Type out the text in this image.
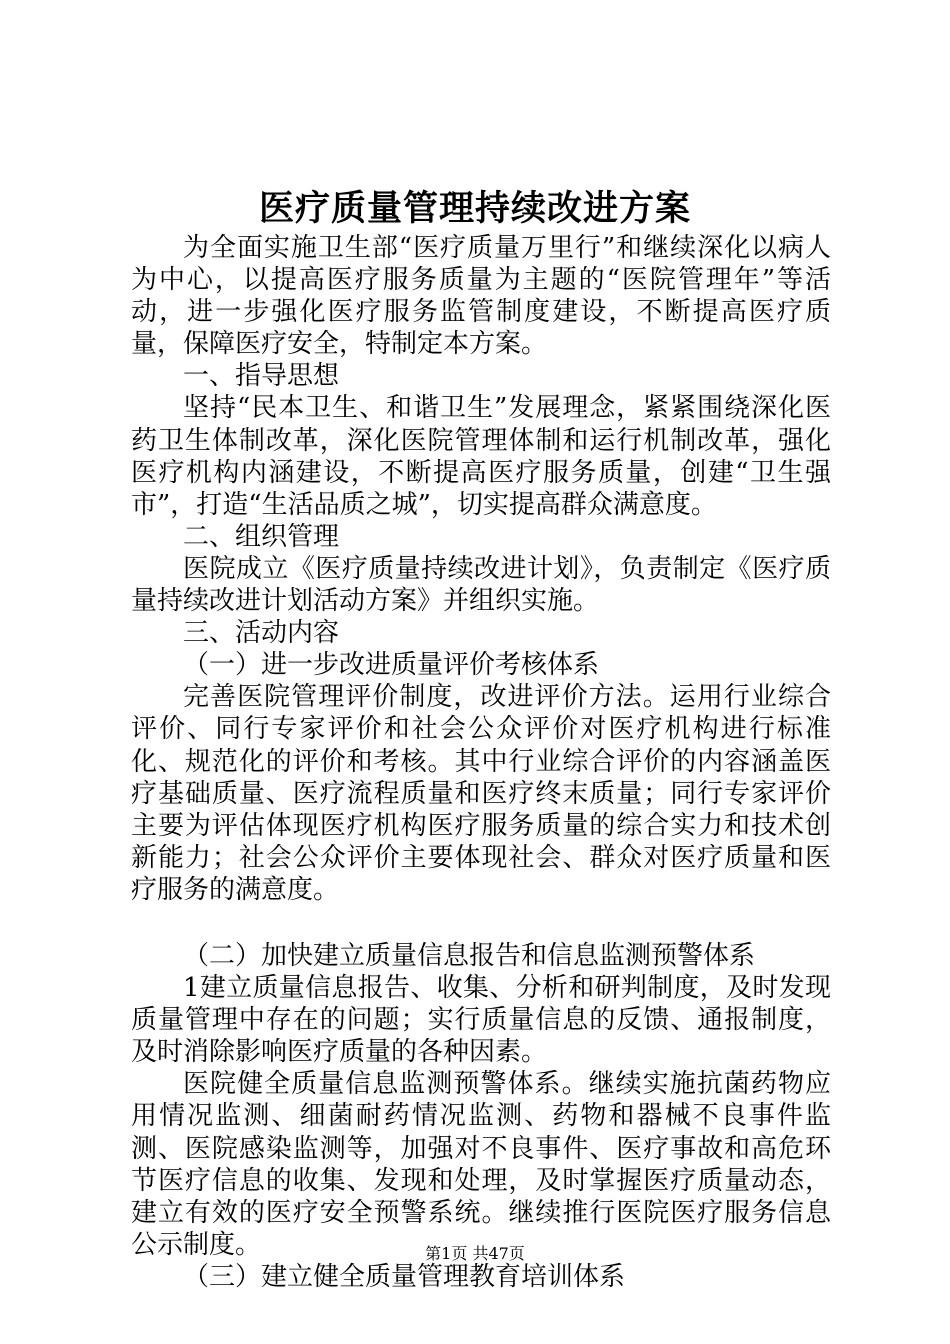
医疗质量管理持续改进方案

为全面实施卫生部“医疗质量万里行”和继续深化以病人为中心，以提高医疗服务质量为主题的“医院管理年”等活动，进一步强化医疗服务监管制度建设，不断提高医疗质量，保障医疗安全，特制定本方案。

一、指导思想

坚持“民本卫生、和谐卫生”发展理念，紧紧围绕深化医药卫生体制改革，深化医院管理体制和运行机制改革，强化医疗机构内涵建设，不断提高医疗服务质量，创建“卫生强市”，打造“生活品质之城”，切实提高群众满意度。

二、组织管理

医院成立《医疗质量持续改进计划》，负责制定《医疗质量持续改进计划活动方案》并组织实施。

三、活动内容

（一）进一步改进质量评价考核体系

完善医院管理评价制度，改进评价方法。运用行业综合评价、同行专家评价和社会公众评价对医疗机构进行标准化、规范化的评价和考核。其中行业综合评价的内容涵盖医疗基础质量、医疗流程质量和医疗终末质量；同行专家评价主要为评估体现医疗机构医疗服务质量的综合实力和技术创新能力；社会公众评价主要体现社会、群众对医疗质量和医疗服务的满意度。

（二）加快建立质量信息报告和信息监测预警体系

1建立质量信息报告、收集、分析和研判制度，及时发现质量管理中存在的问题；实行质量信息的反馈、通报制度，及时消除影响医疗质量的各种因素。

医院健全质量信息监测预警体系。继续实施抗菌药物应用情况监测、细菌耐药情况监测、药物和器械不良事件监测、医院感染监测等，加强对不良事件、医疗事故和高危环节医疗信息的收集、发现和处理，及时掌握医疗质量动态，建立有效的医疗安全预警系统。继续推行医院医疗服务信息公示制度。

（三）建立健全质量管理教育培训体系

第1页 共47页
